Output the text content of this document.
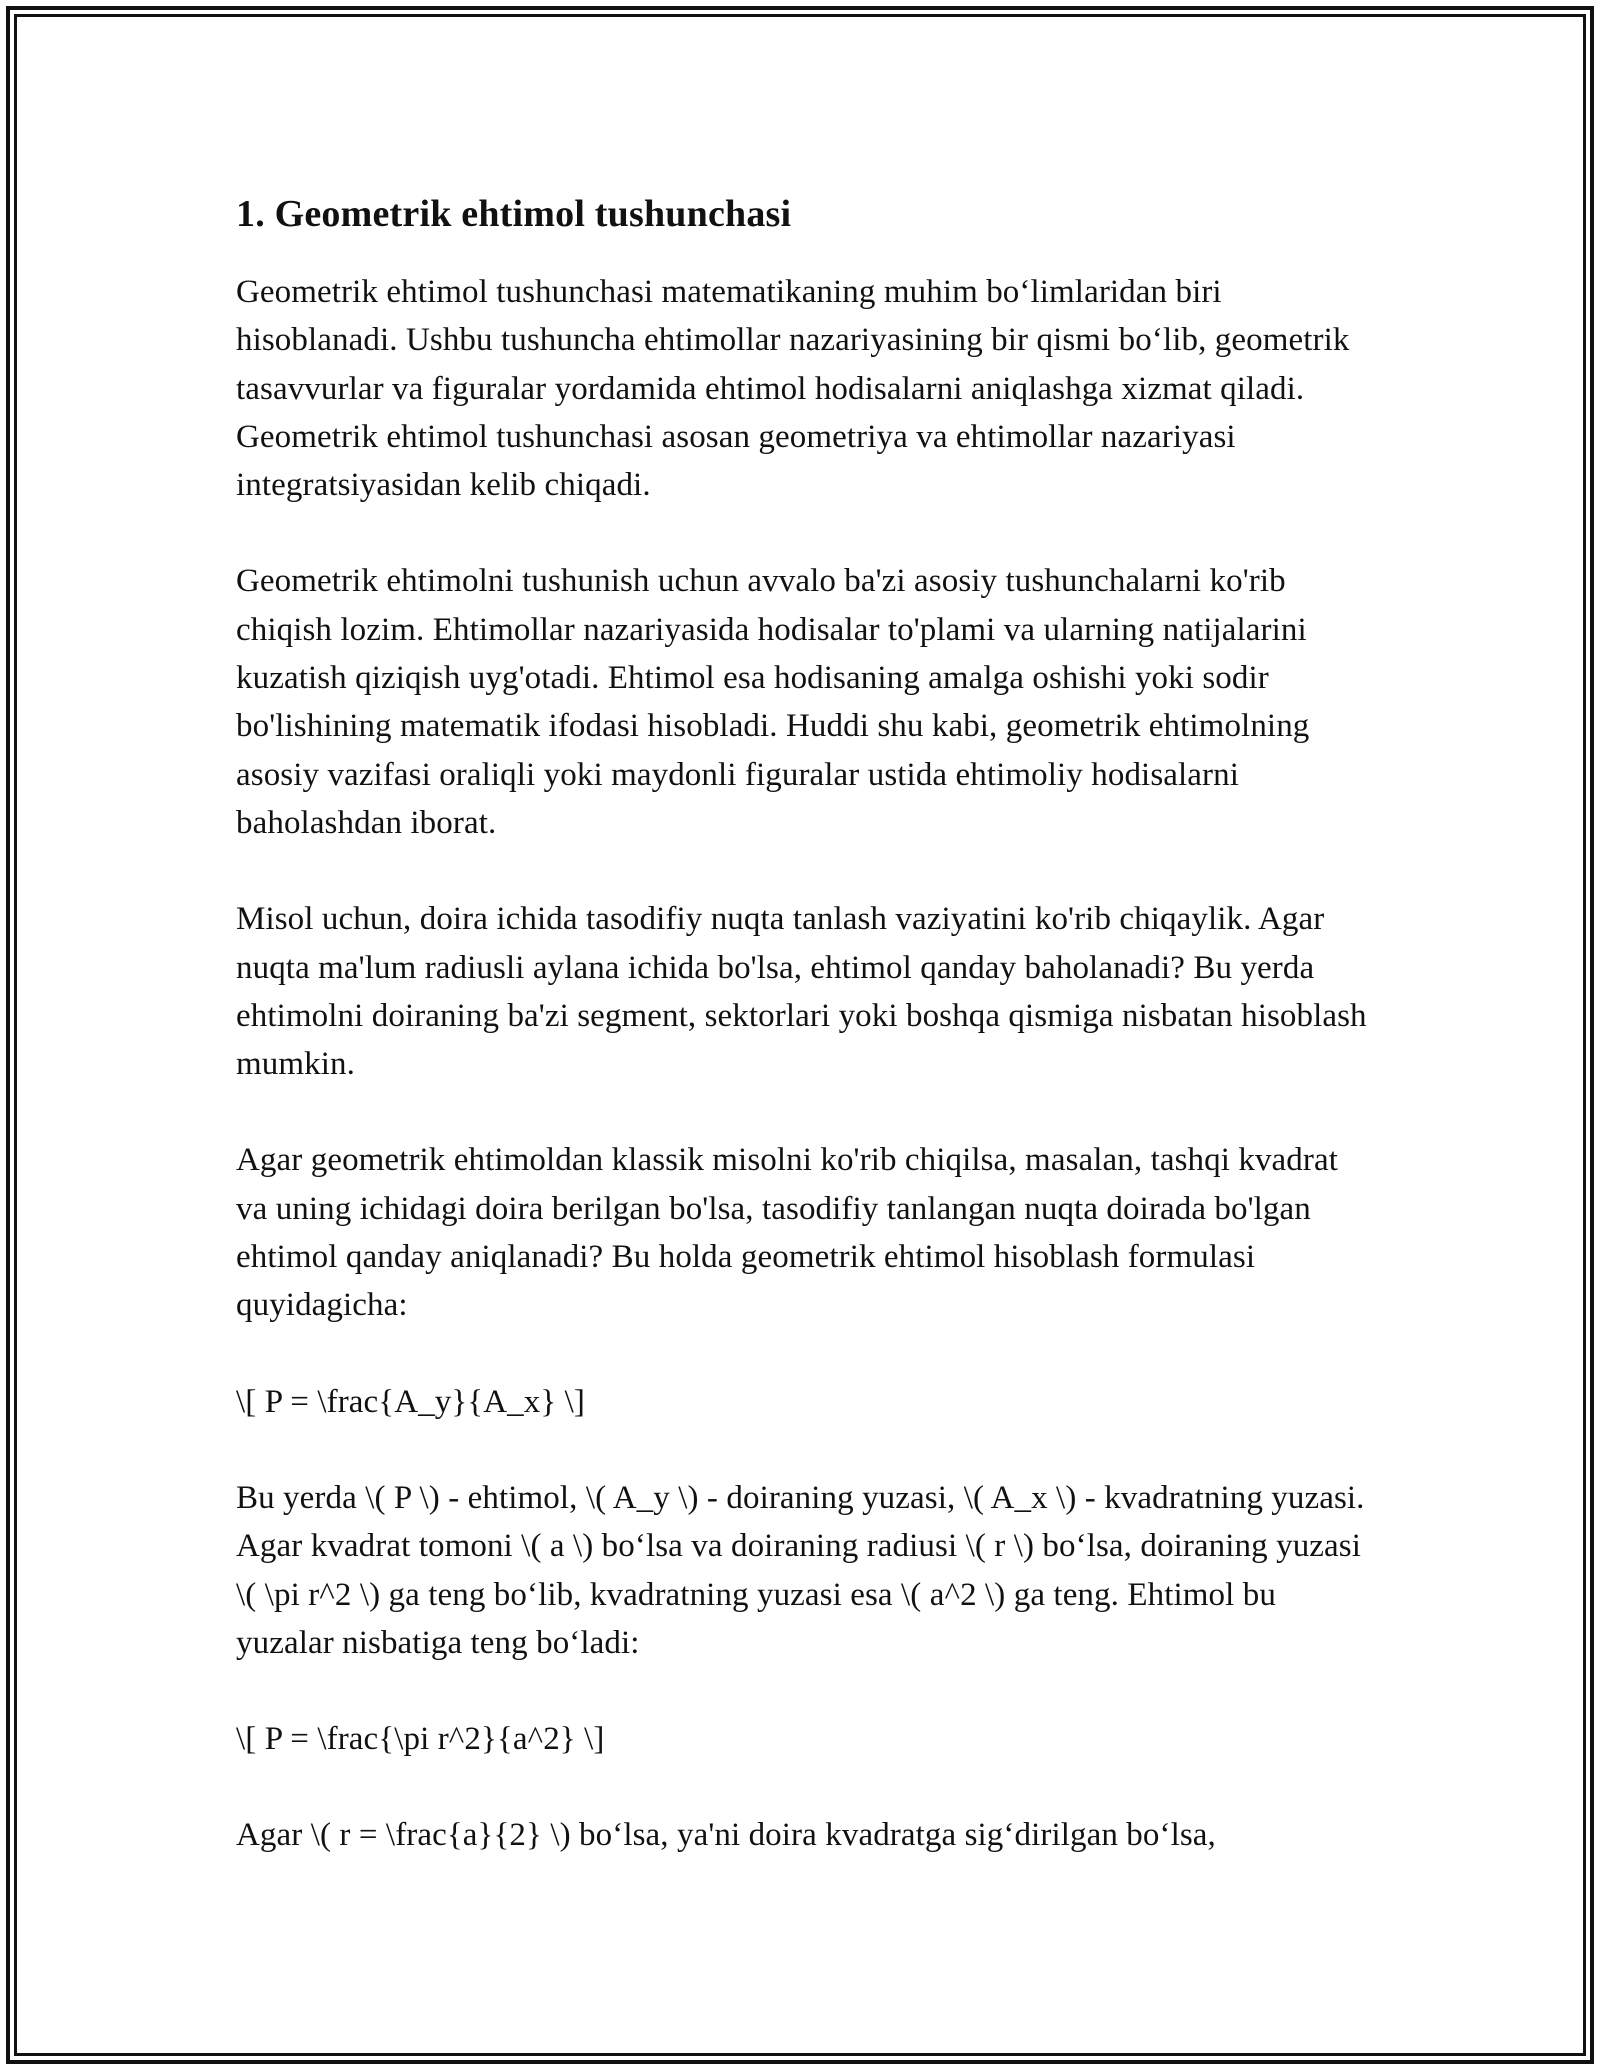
1. Geometrik ehtimol tushunchasi

Geometrik ehtimol tushunchasi matematikaning muhim bo‘limlaridan biri hisoblanadi. Ushbu tushuncha ehtimollar nazariyasining bir qismi bo‘lib, geometrik tasavvurlar va figuralar yordamida ehtimol hodisalarni aniqlashga xizmat qiladi. Geometrik ehtimol tushunchasi asosan geometriya va ehtimollar nazariyasi integratsiyasidan kelib chiqadi.

Geometrik ehtimolni tushunish uchun avvalo ba'zi asosiy tushunchalarni ko'rib chiqish lozim. Ehtimollar nazariyasida hodisalar to'plami va ularning natijalarini kuzatish qiziqish uyg'otadi. Ehtimol esa hodisaning amalga oshishi yoki sodir bo'lishining matematik ifodasi hisobladi. Huddi shu kabi, geometrik ehtimolning asosiy vazifasi oraliqli yoki maydonli figuralar ustida ehtimoliy hodisalarni baholashdan iborat.

Misol uchun, doira ichida tasodifiy nuqta tanlash vaziyatini ko'rib chiqaylik. Agar nuqta ma'lum radiusli aylana ichida bo'lsa, ehtimol qanday baholanadi? Bu yerda ehtimolni doiraning ba'zi segment, sektorlari yoki boshqa qismiga nisbatan hisoblash mumkin.

Agar geometrik ehtimoldan klassik misolni ko'rib chiqilsa, masalan, tashqi kvadrat va uning ichidagi doira berilgan bo'lsa, tasodifiy tanlangan nuqta doirada bo'lgan ehtimol qanday aniqlanadi? Bu holda geometrik ehtimol hisoblash formulasi quyidagicha:

\[ P = \frac{A_y}{A_x} \]

Bu yerda \( P \) - ehtimol, \( A_y \) - doiraning yuzasi, \( A_x \) - kvadratning yuzasi. Agar kvadrat tomoni \( a \) bo‘lsa va doiraning radiusi \( r \) bo‘lsa, doiraning yuzasi \( \pi r^2 \) ga teng bo‘lib, kvadratning yuzasi esa \( a^2 \) ga teng. Ehtimol bu yuzalar nisbatiga teng bo‘ladi:

\[ P = \frac{\pi r^2}{a^2} \]

Agar \( r = \frac{a}{2} \) bo‘lsa, ya'ni doira kvadratga sig‘dirilgan bo‘lsa,
